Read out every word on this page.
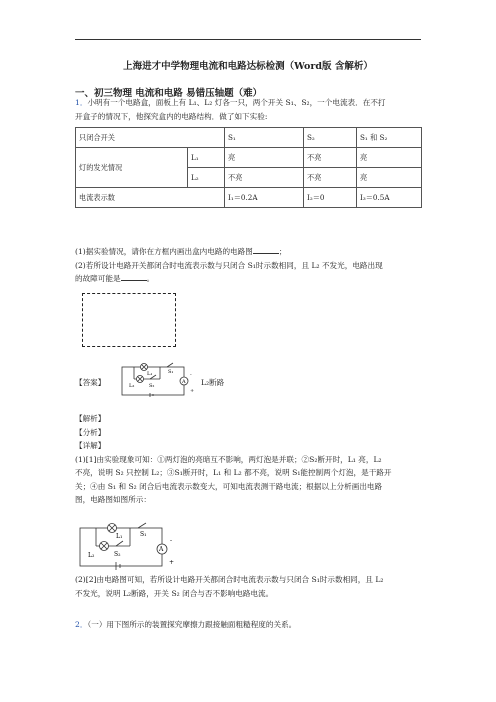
上海进才中学物理电流和电路达标检测（Word版 含解析）
一、初三物理 电流和电路 易错压轴题（难）
1．小明有一个电路盒，面板上有 L₁、L₂ 灯各一只，两个开关 S₁、S₂，一个电流表．在不打
开盒子的情况下，他探究盒内的电路结构．做了如下实验:
只闭合开关		S₁	S₂	S₁ 和 S₂
灯的发光情况	L₁	亮	不亮	亮
	L₂	不亮	不亮	亮
电流表示数		I₁＝0.2A	I₂＝0	I₃＝0.5A
(1)据实验情况，请你在方框内画出盒内电路的电路图	；
(2)若所设计电路开关都闭合时电流表示数与只闭合 S₁时示数相同，且 L₂ 不发光，电路出现
的故障可能是	。
【答案】	L₂断路
L₁
L₂	S₂
S₁
A
-
+
【解析】
【分析】
【详解】
(1)[1]由实验现象可知：①两灯泡的亮暗互不影响，两灯泡是并联；②S₂断开时，L₁ 亮，L₂
不亮，说明 S₂ 只控制 L₂；③S₁断开时，L₁ 和 L₂ 都不亮，说明 S₁能控制两个灯泡，是干路开
关；④由 S₁ 和 S₂ 闭合后电流表示数变大，可知电流表测干路电流；根据以上分析画出电路
图，电路图如图所示：
L₁
L₂	S₂
S₁
A
-
+
(2)[2]由电路图可知，若所设计电路开关都闭合时电流表示数与只闭合 S₁时示数相同，且 L₂
不发光，说明 L₂断路，开关 S₂ 闭合与否不影响电路电流。
2．（一）用下图所示的装置探究摩擦力跟接触面粗糙程度的关系。
